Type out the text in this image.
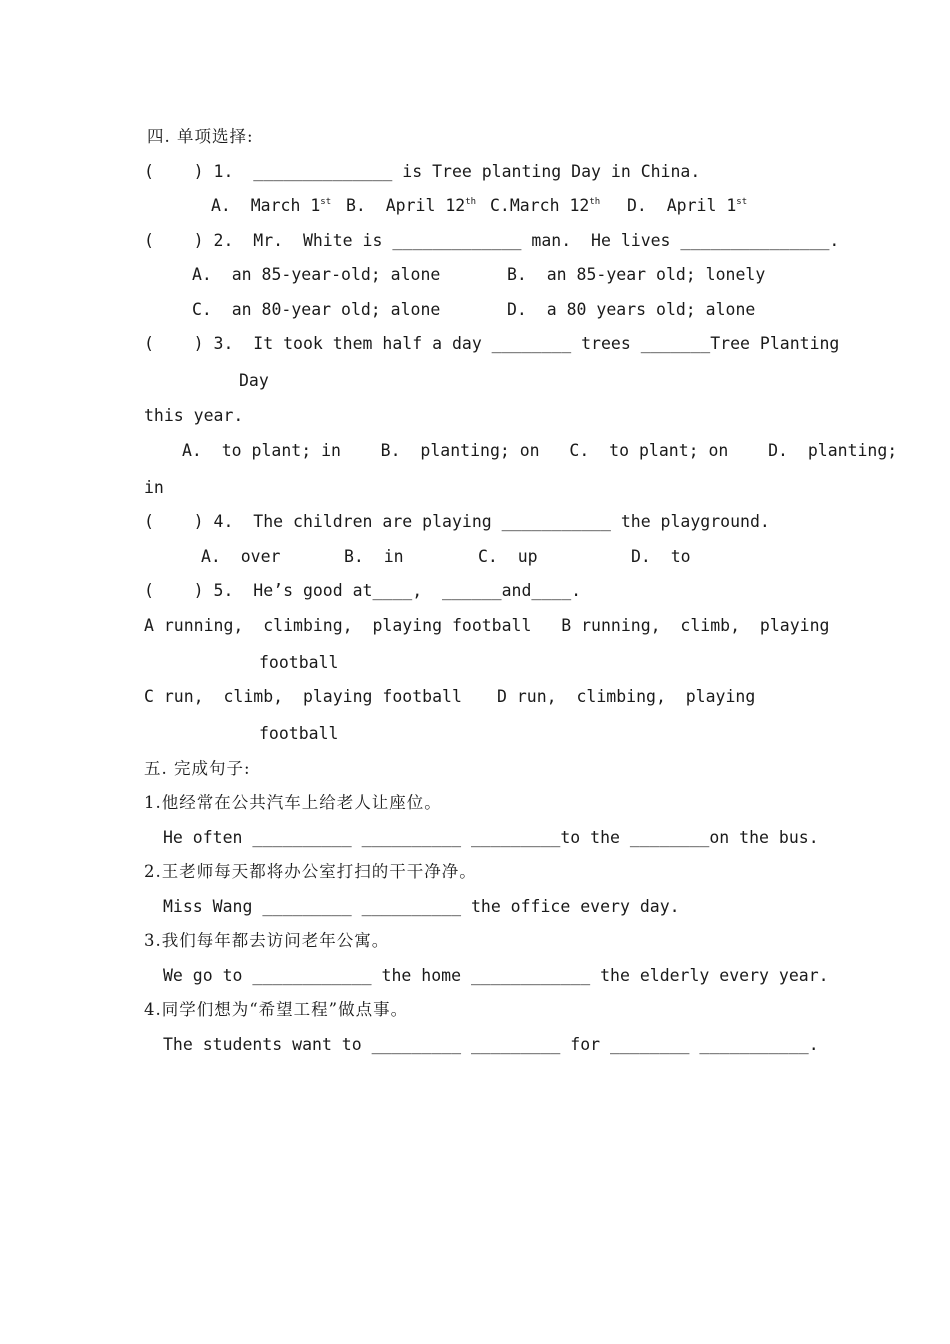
四. 单项选择:
(    ) 1.  ______________ is Tree planting Day in China.
A.  March 1st B.  April 12th C.March 12th D.  April 1st
(    ) 2.  Mr.  White is _____________ man.  He lives _______________.
A.  an 85-year-old; alone	B.  an 85-year old; lonely
C.  an 80-year old; alone	D.  a 80 years old; alone
(    ) 3.  It took them half a day ________ trees _______Tree Planting
Day
this year.
A.  to plant; in    B.  planting; on   C.  to plant; on    D.  planting;
in
(    ) 4.  The children are playing ___________ the playground.
A.  over	B.  in	C.  up	D.  to
(    ) 5.  He’s good at____,  ______and____.
A running,  climbing,  playing football   B running,  climb,  playing
football
C run,  climb,  playing football D run,  climbing,  playing
football
五. 完成句子:
1.他经常在公共汽车上给老人让座位。
He often __________ __________ _________to the ________on the bus.
2.王老师每天都将办公室打扫的干干净净。
Miss Wang _________ __________ the office every day.
3.我们每年都去访问老年公寓。
We go to ____________ the home ____________ the elderly every year.
4.同学们想为“希望工程”做点事。
The students want to _________ _________ for ________ ___________.
